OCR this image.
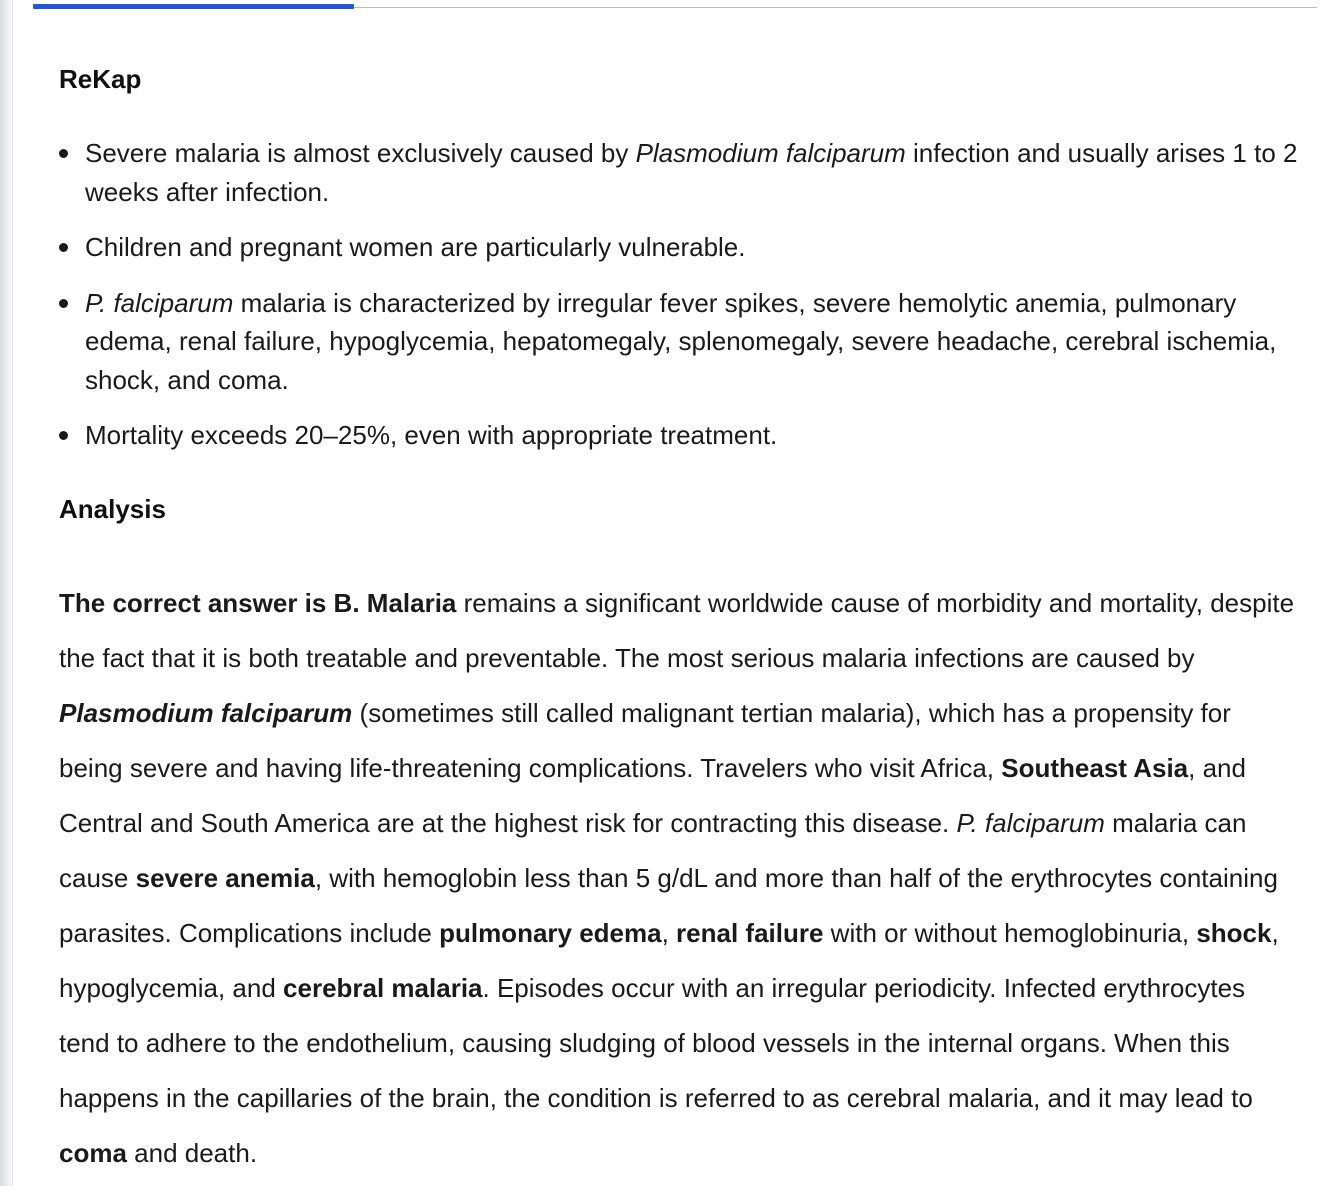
ReKap
Severe malaria is almost exclusively caused by Plasmodium falciparum infection and usually arises 1 to 2 weeks after infection.
Children and pregnant women are particularly vulnerable.
P. falciparum malaria is characterized by irregular fever spikes, severe hemolytic anemia, pulmonary edema, renal failure, hypoglycemia, hepatomegaly, splenomegaly, severe headache, cerebral ischemia, shock, and coma.
Mortality exceeds 20–25%, even with appropriate treatment.
Analysis

The correct answer is B. Malaria remains a significant worldwide cause of morbidity and mortality, despite the fact that it is both treatable and preventable. The most serious malaria infections are caused by Plasmodium falciparum (sometimes still called malignant tertian malaria), which has a propensity for being severe and having life-threatening complications. Travelers who visit Africa, Southeast Asia, and Central and South America are at the highest risk for contracting this disease. P. falciparum malaria can cause severe anemia, with hemoglobin less than 5 g/dL and more than half of the erythrocytes containing parasites. Complications include pulmonary edema, renal failure with or without hemoglobinuria, shock, hypoglycemia, and cerebral malaria. Episodes occur with an irregular periodicity. Infected erythrocytes tend to adhere to the endothelium, causing sludging of blood vessels in the internal organs. When this happens in the capillaries of the brain, the condition is referred to as cerebral malaria, and it may lead to coma and death.
